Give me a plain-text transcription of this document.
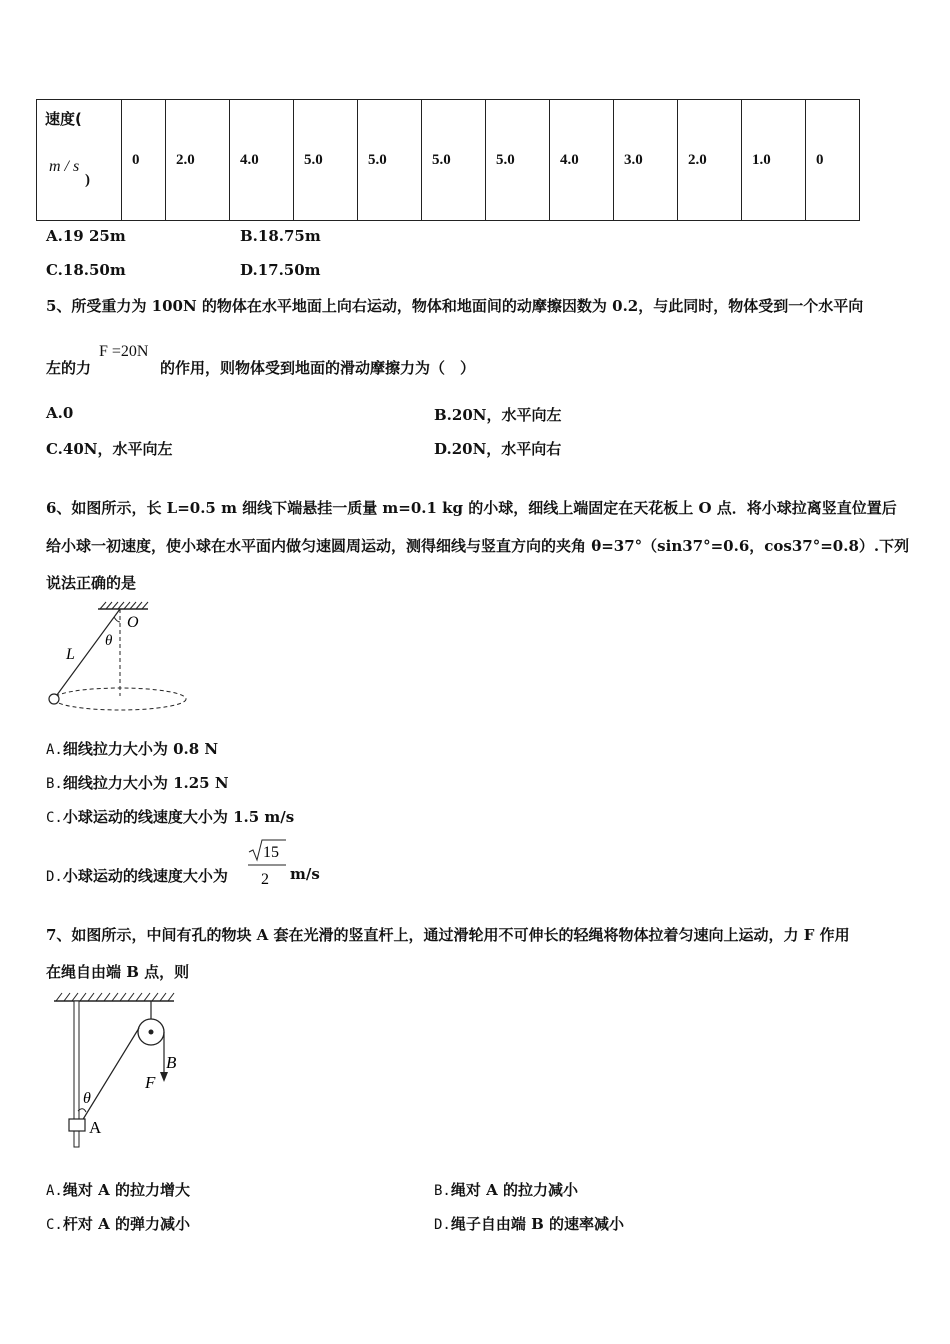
速度(
m / s
)
	0	2.0	4.0	5.0	5.0	5.0	5.0	4.0	3.0	2.0	1.0	0
A.19 25m	B.18.75m
C.18.50m	D.17.50m
5、所受重力为 100N 的物体在水平地面上向右运动，物体和地面间的动摩擦因数为 0.2，与此同时，物体受到一个水平向
左的力
F =20N
的作用，则物体受到地面的滑动摩擦力为（　）
A.0	B.20N，水平向左
C.40N，水平向左	D.20N，水平向右
6、如图所示，长 L=0.5 m 细线下端悬挂一质量 m=0.1 kg 的小球，细线上端固定在天花板上 O 点．将小球拉离竖直位置后
给小球一初速度，使小球在水平面内做匀速圆周运动，测得细线与竖直方向的夹角 θ=37°（sin37°=0.6，cos37°=0.8）.下列
说法正确的是
O
θ
L
A.细线拉力大小为 0.8 N
B.细线拉力大小为 1.25 N
C.小球运动的线速度大小为 1.5 m/s
D.小球运动的线速度大小为
15
2 m/s
7、如图所示，中间有孔的物块 A 套在光滑的竖直杆上，通过滑轮用不可伸长的轻绳将物体拉着匀速向上运动，力 F 作用
在绳自由端 B 点，则
B
F
θ
A
A.绳对 A 的拉力增大	B.绳对 A 的拉力减小
C.杆对 A 的弹力减小	D.绳子自由端 B 的速率减小
